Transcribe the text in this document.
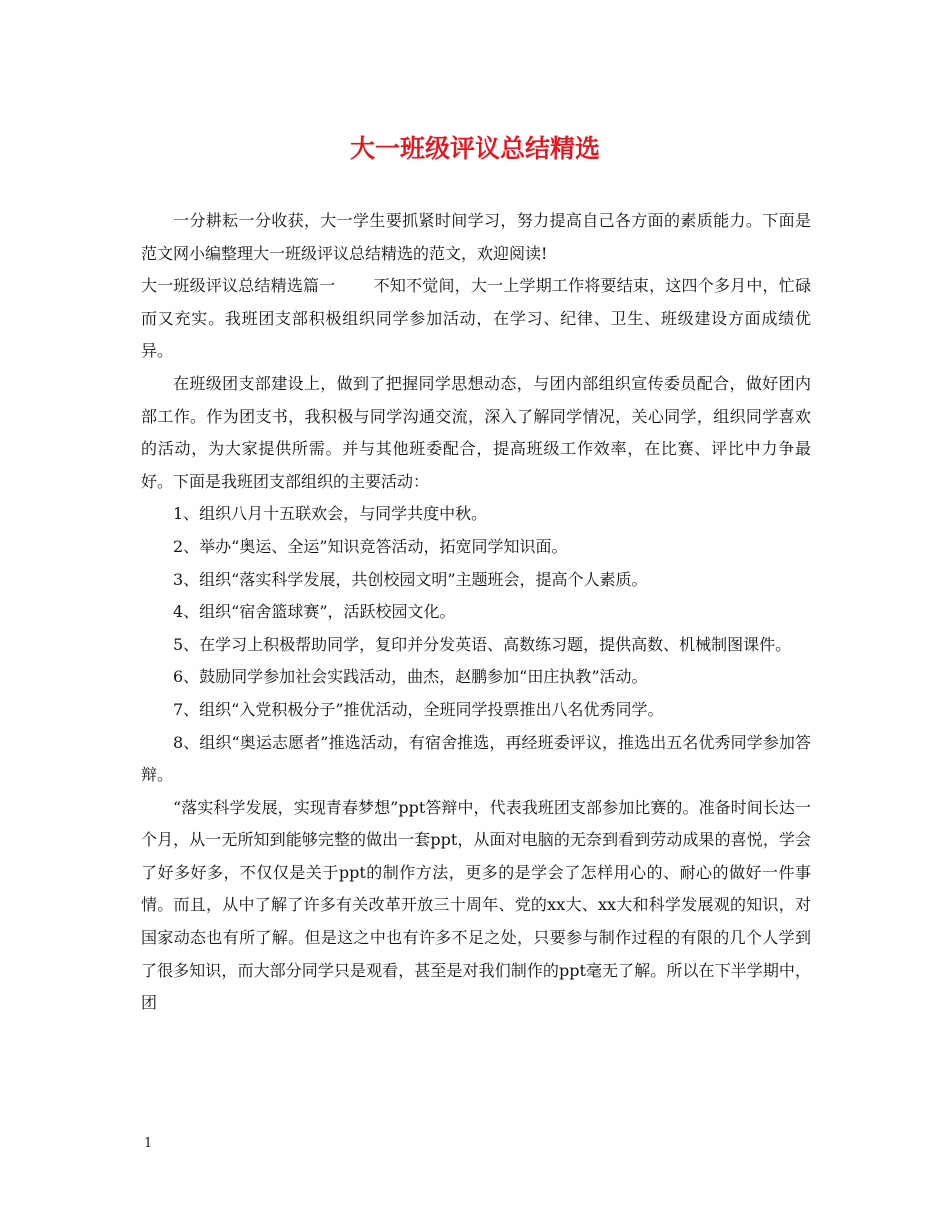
大一班级评议总结精选

一分耕耘一分收获，大一学生要抓紧时间学习，努力提高自己各方面的素质能力。下面是范文网小编整理大一班级评议总结精选的范文，欢迎阅读!

大一班级评议总结精选篇一 不知不觉间，大一上学期工作将要结束，这四个多月中，忙碌而又充实。我班团支部积极组织同学参加活动，在学习、纪律、卫生、班级建设方面成绩优异。

在班级团支部建设上，做到了把握同学思想动态，与团内部组织宣传委员配合，做好团内部工作。作为团支书，我积极与同学沟通交流，深入了解同学情况，关心同学，组织同学喜欢的活动，为大家提供所需。并与其他班委配合，提高班级工作效率，在比赛、评比中力争最好。下面是我班团支部组织的主要活动：

1、组织八月十五联欢会，与同学共度中秋。

2、举办“奥运、全运”知识竞答活动，拓宽同学知识面。

3、组织“落实科学发展，共创校园文明”主题班会，提高个人素质。

4、组织“宿舍篮球赛”，活跃校园文化。

5、在学习上积极帮助同学，复印并分发英语、高数练习题，提供高数、机械制图课件。

6、鼓励同学参加社会实践活动，曲杰，赵鹏参加“田庄执教”活动。

7、组织“入党积极分子”推优活动，全班同学投票推出八名优秀同学。

8、组织“奥运志愿者”推选活动，有宿舍推选，再经班委评议，推选出五名优秀同学参加答辩。

“落实科学发展，实现青春梦想”ppt答辩中，代表我班团支部参加比赛的。准备时间长达一个月，从一无所知到能够完整的做出一套ppt，从面对电脑的无奈到看到劳动成果的喜悦，学会了好多好多，不仅仅是关于ppt的制作方法，更多的是学会了怎样用心的、耐心的做好一件事情。而且，从中了解了许多有关改革开放三十周年、党的xx大、xx大和科学发展观的知识，对国家动态也有所了解。但是这之中也有许多不足之处，只要参与制作过程的有限的几个人学到了很多知识，而大部分同学只是观看，甚至是对我们制作的ppt毫无了解。所以在下半学期中，团

1
